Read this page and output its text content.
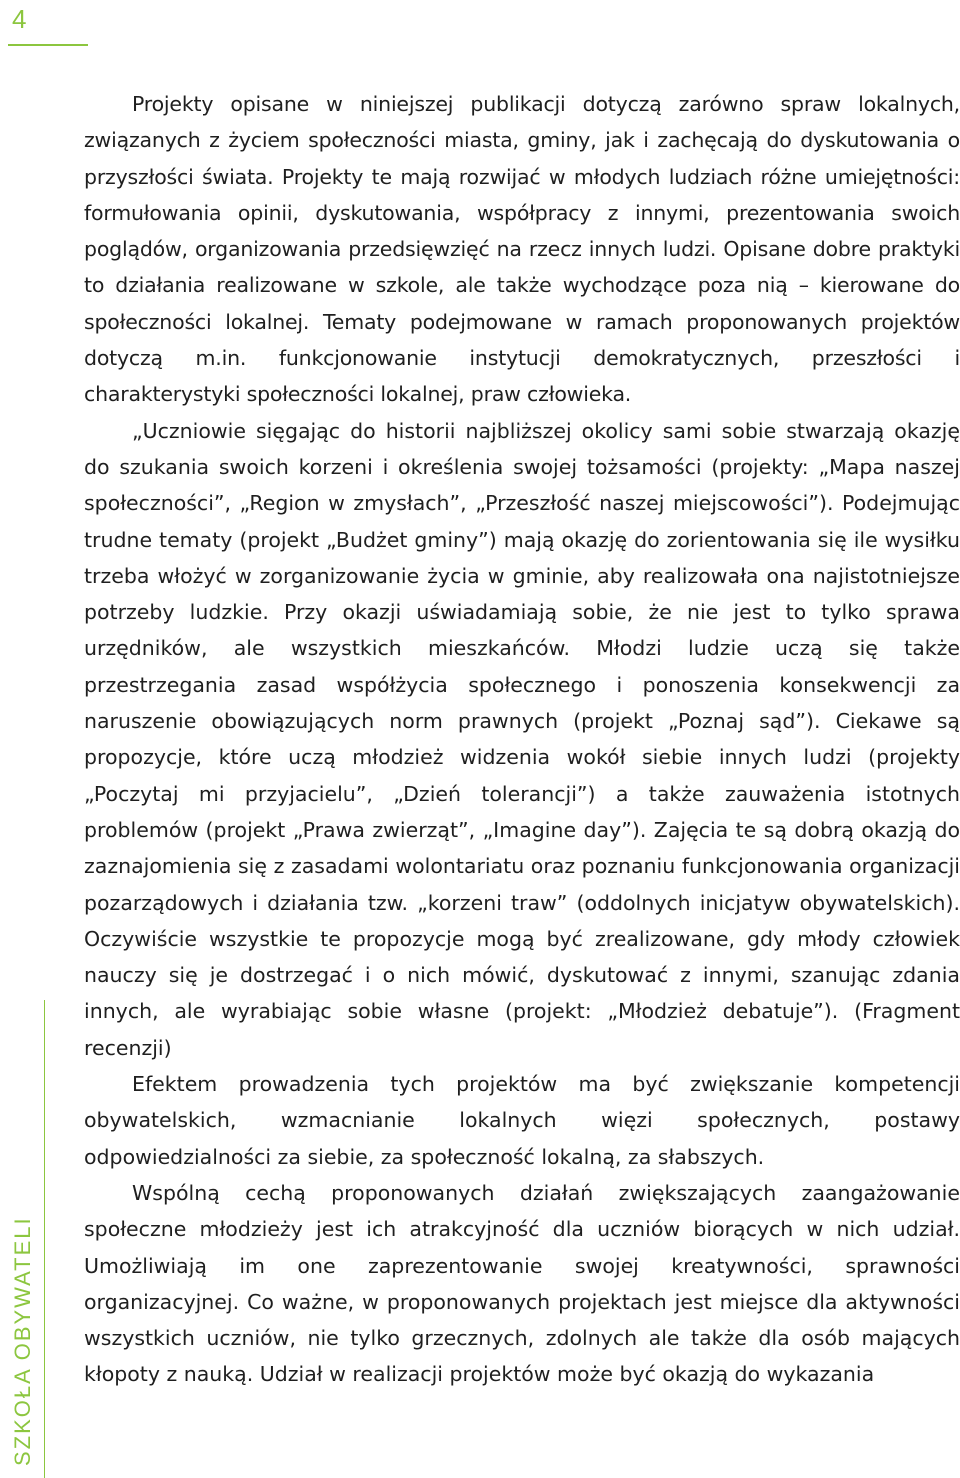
4
SZKOŁA OBYWATELI

Projekty opisane w niniejszej publikacji dotyczą zarówno spraw lokalnych, związanych z życiem społeczności miasta, gminy, jak i zachęcają do dyskutowania o przyszłości świata. Projekty te mają rozwijać w młodych ludziach różne umiejętności: formułowania opinii, dyskutowania, współpracy z innymi, prezentowania swoich poglądów, organizowania przedsięwzięć na rzecz innych ludzi. Opisane dobre praktyki to działania realizowane w szkole, ale także wychodzące poza nią – kierowane do społeczności lokalnej. Tematy podejmowane w ramach proponowanych projektów dotyczą m.in. funkcjonowanie instytucji demokratycznych, przeszłości i charakterystyki społeczności lokalnej, praw człowieka.

„Uczniowie sięgając do historii najbliższej okolicy sami sobie stwarzają okazję do szukania swoich korzeni i określenia swojej tożsamości (projekty: „Mapa naszej społeczności”, „Region w zmysłach”, „Przeszłość naszej miejscowości”). Podejmując trudne tematy (projekt „Budżet gminy”) mają okazję do zorientowania się ile wysiłku trzeba włożyć w zorganizowanie życia w gminie, aby realizowała ona najistotniejsze potrzeby ludzkie. Przy okazji uświadamiają sobie, że nie jest to tylko sprawa urzędników, ale wszystkich mieszkańców. Młodzi ludzie uczą się także przestrzegania zasad współżycia społecznego i ponoszenia konsekwencji za naruszenie obowiązujących norm prawnych (projekt „Poznaj sąd”). Ciekawe są propozycje, które uczą młodzież widzenia wokół siebie innych ludzi (projekty „Poczytaj mi przyjacielu”, „Dzień tolerancji”) a także zauważenia istotnych problemów (projekt „Prawa zwierząt”, „Imagine day”). Zajęcia te są dobrą okazją do zaznajomienia się z zasadami wolontariatu oraz poznaniu funkcjonowania organizacji pozarządowych i działania tzw. „korzeni traw” (oddolnych inicjatyw obywatelskich). Oczywiście wszystkie te propozycje mogą być zrealizowane, gdy młody człowiek nauczy się je dostrzegać i o nich mówić, dyskutować z innymi, szanując zdania innych, ale wyrabiając sobie własne (projekt: „Młodzież debatuje”). (Fragment recenzji)

Efektem prowadzenia tych projektów ma być zwiększanie kompetencji obywatelskich, wzmacnianie lokalnych więzi społecznych, postawy odpowiedzialności za siebie, za społeczność lokalną, za słabszych.

Wspólną cechą proponowanych działań zwiększających zaangażowanie społeczne młodzieży jest ich atrakcyjność dla uczniów biorących w nich udział. Umożliwiają im one zaprezentowanie swojej kreatywności, sprawności organizacyjnej. Co ważne, w proponowanych projektach jest miejsce dla aktywności wszystkich uczniów, nie tylko grzecznych, zdolnych ale także dla osób mających kłopoty z nauką. Udział w realizacji projektów może być okazją do wykazania
